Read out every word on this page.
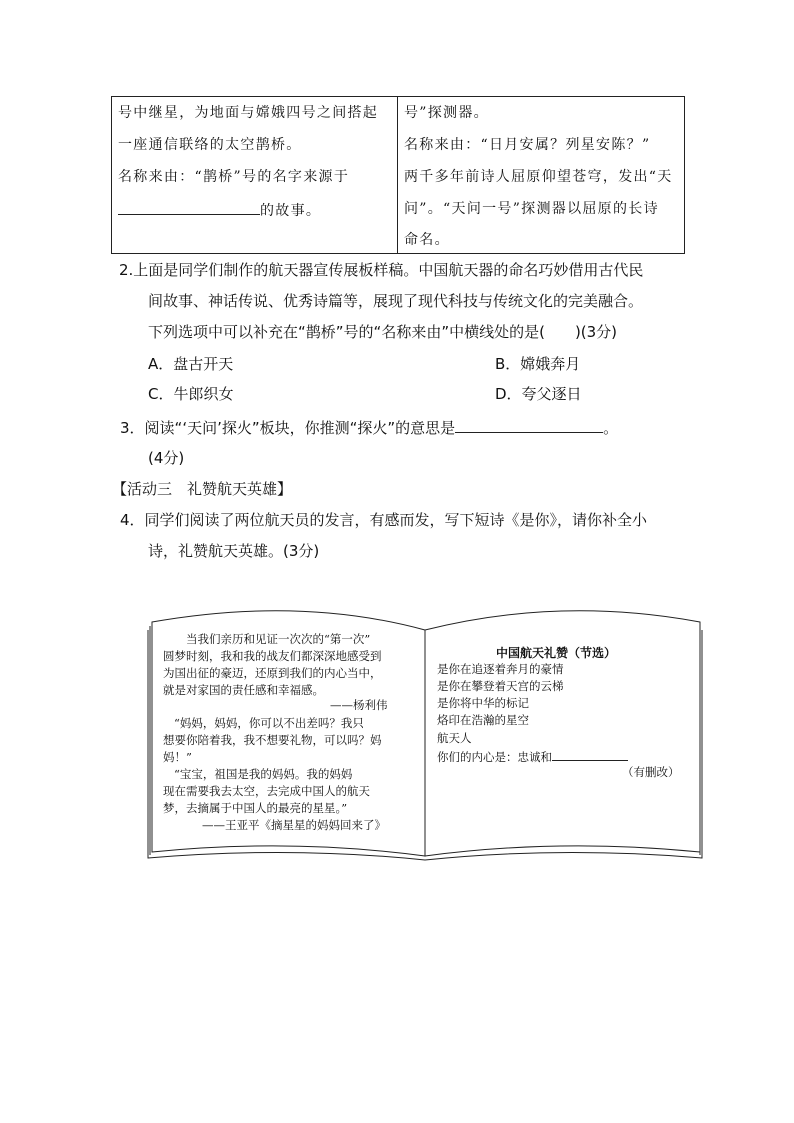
号中继星，为地面与嫦娥四号之间搭起
一座通信联络的太空鹊桥。
名称来由：“鹊桥”号的名字来源于
的故事。
号”探测器。
名称来由：“日月安属？列星安陈？”
两千多年前诗人屈原仰望苍穹，发出“天
问”。“天问一号”探测器以屈原的长诗
命名。
2.上面是同学们制作的航天器宣传展板样稿。中国航天器的命名巧妙借用古代民
间故事、神话传说、优秀诗篇等，展现了现代科技与传统文化的完美融合。
下列选项中可以补充在“鹊桥”号的“名称来由”中横线处的是(　　)(3分)
A．盘古开天	B．嫦娥奔月
C．牛郎织女	D．夸父逐日
3．阅读“‘天问’探火”板块，你推测“探火”的意思是	。
(4分)
【活动三　礼赞航天英雄】
4．同学们阅读了两位航天员的发言，有感而发，写下短诗《是你》，请你补全小
诗，礼赞航天英雄。(3分)
当我们亲历和见证一次次的“第一次”
圆梦时刻，我和我的战友们都深深地感受到
为国出征的豪迈，还原到我们的内心当中，
就是对家国的责任感和幸福感。
——杨利伟
“妈妈，妈妈，你可以不出差吗？我只
想要你陪着我，我不想要礼物，可以吗？妈
妈！”
“宝宝，祖国是我的妈妈。我的妈妈
现在需要我去太空，去完成中国人的航天
梦，去摘属于中国人的最亮的星星。”
——王亚平《摘星星的妈妈回来了》
中国航天礼赞（节选）
是你在追逐着奔月的豪情
是你在攀登着天宫的云梯
是你将中华的标记
烙印在浩瀚的星空
航天人
你们的内心是：忠诚和
（有删改）
